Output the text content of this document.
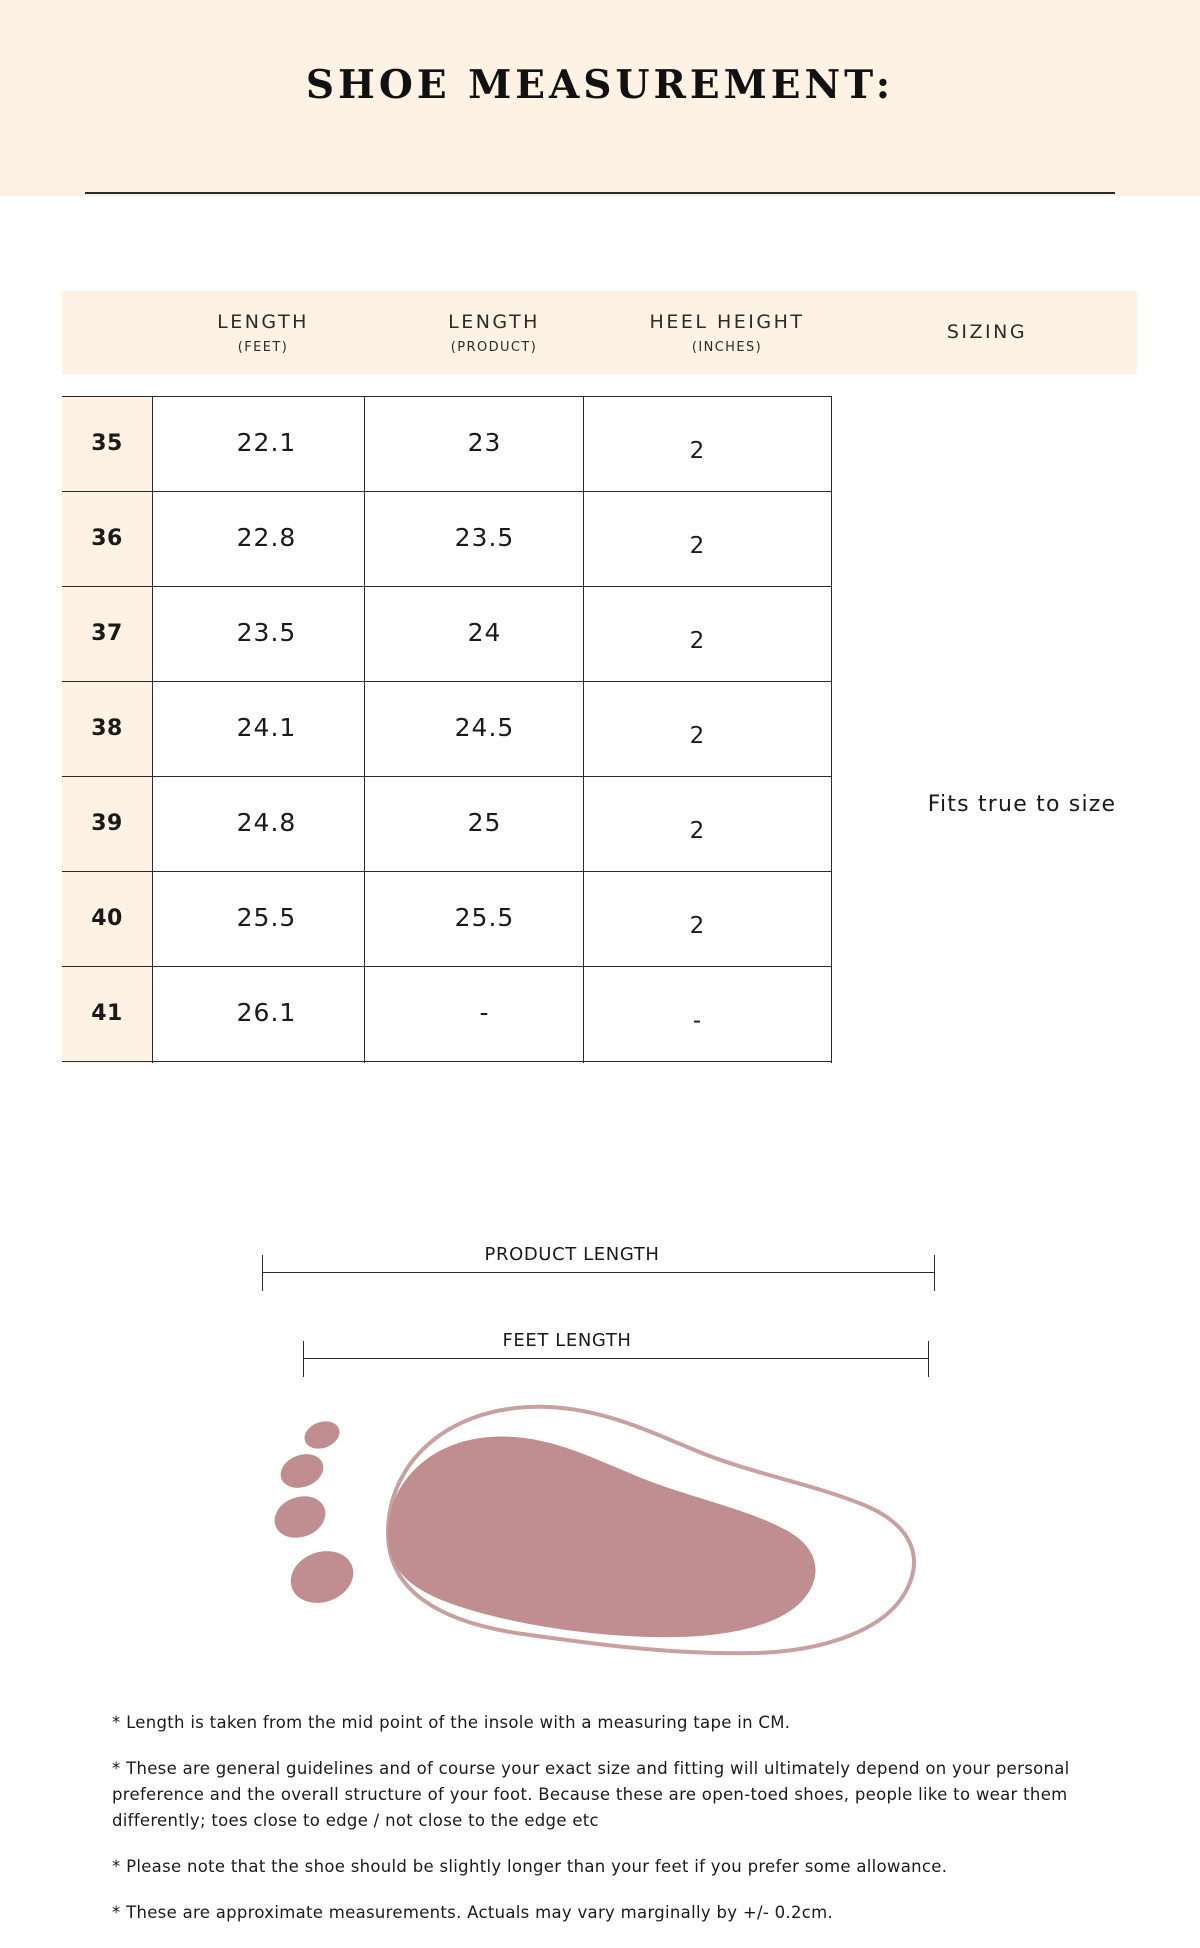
SHOE MEASUREMENT:
LENGTH
(FEET)
LENGTH
(PRODUCT)
HEEL HEIGHT
(INCHES)
SIZING
35	22.1	23	2
36	22.8	23.5	2
37	23.5	24	2
38	24.1	24.5	2
39	24.8	25	2
40	25.5	25.5	2
41	26.1	-	-
Fits true to size
PRODUCT LENGTH
FEET LENGTH
* Length is taken from the mid point of the insole with a measuring tape in CM.
* These are general guidelines and of course your exact size and fitting will ultimately depend on your personal preference and the overall structure of your foot. Because these are open-toed shoes, people like to wear them differently; toes close to edge / not close to the edge etc
* Please note that the shoe should be slightly longer than your feet if you prefer some allowance.
* These are approximate measurements. Actuals may vary marginally by +/- 0.2cm.
